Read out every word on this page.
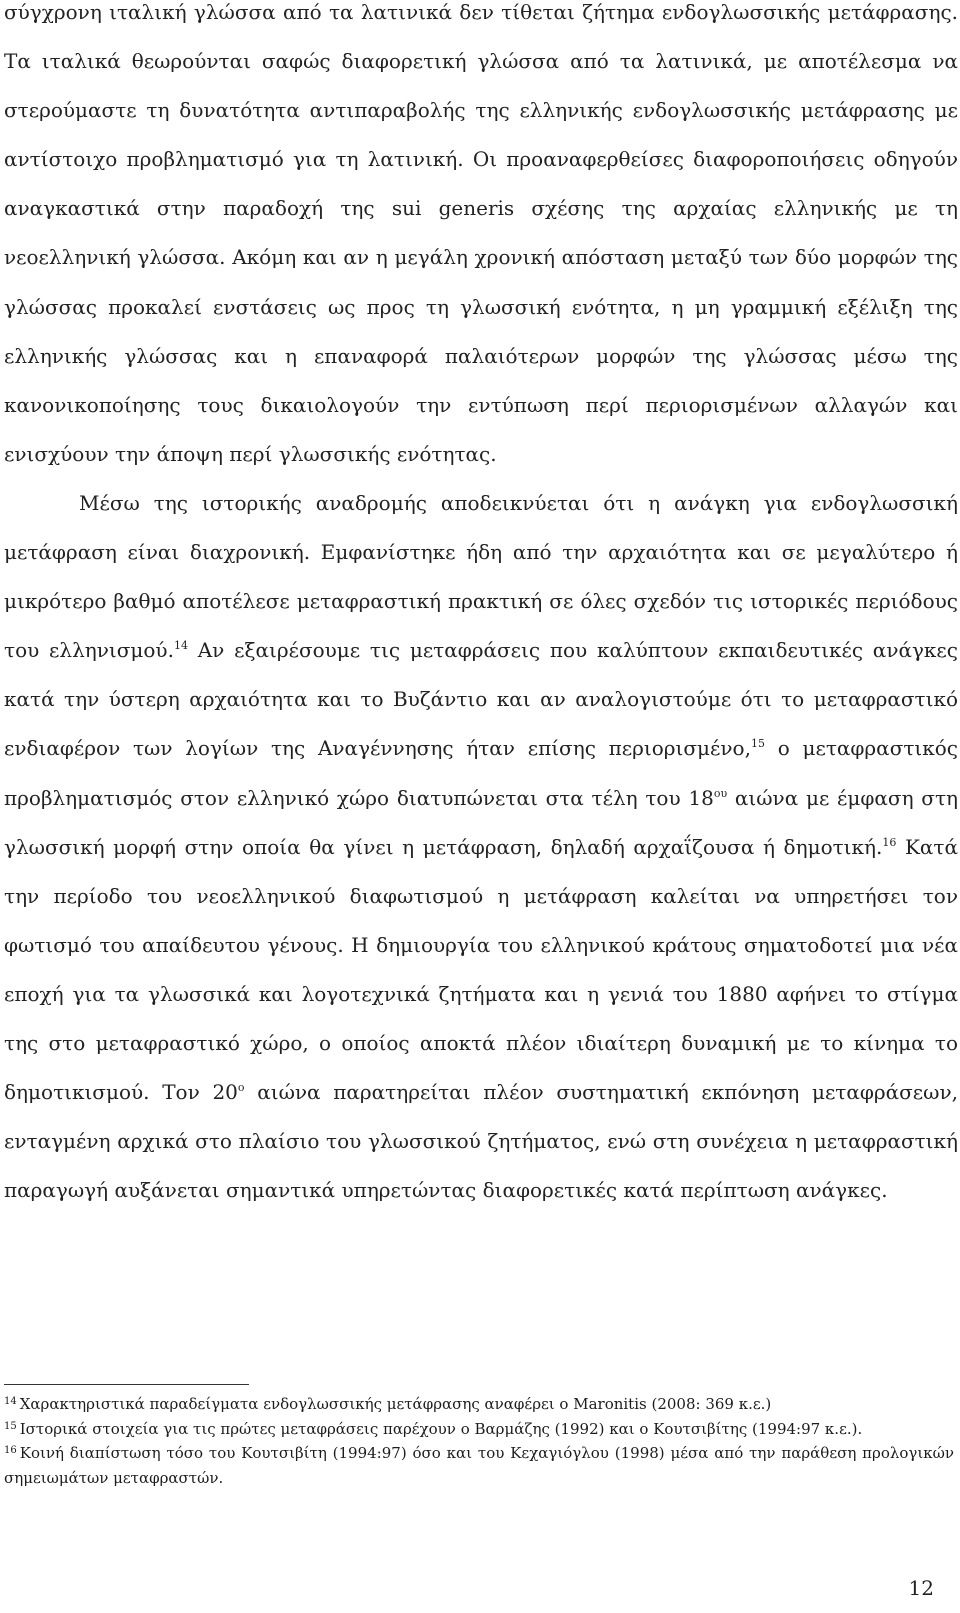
σύγχρονη ιταλική γλώσσα από τα λατινικά δεν τίθεται ζήτημα ενδογλωσσικής μετάφρασης. Τα ιταλικά θεωρούνται σαφώς διαφορετική γλώσσα από τα λατινικά, με αποτέλεσμα να στερούμαστε τη δυνατότητα αντιπαραβολής της ελληνικής ενδογλωσσικής μετάφρασης με αντίστοιχο προβληματισμό για τη λατινική. Οι προαναφερθείσες διαφοροποιήσεις οδηγούν αναγκαστικά στην παραδοχή της sui generis σχέσης της αρχαίας ελληνικής με τη νεοελληνική γλώσσα. Ακόμη και αν η μεγάλη χρονική απόσταση μεταξύ των δύο μορφών της γλώσσας προκαλεί ενστάσεις ως προς τη γλωσσική ενότητα, η μη γραμμική εξέλιξη της ελληνικής γλώσσας και η επαναφορά παλαιότερων μορφών της γλώσσας μέσω της κανονικοποίησης τους δικαιολογούν την εντύπωση περί περιορισμένων αλλαγών και ενισχύουν την άποψη περί γλωσσικής ενότητας.

Μέσω της ιστορικής αναδρομής αποδεικνύεται ότι η ανάγκη για ενδογλωσσική μετάφραση είναι διαχρονική. Εμφανίστηκε ήδη από την αρχαιότητα και σε μεγαλύτερο ή μικρότερο βαθμό αποτέλεσε μεταφραστική πρακτική σε όλες σχεδόν τις ιστορικές περιόδους του ελληνισμού.$^{14}$ Αν εξαιρέσουμε τις μεταφράσεις που καλύπτουν εκπαιδευτικές ανάγκες κατά την ύστερη αρχαιότητα και το Βυζάντιο και αν αναλογιστούμε ότι το μεταφραστικό ενδιαφέρον των λογίων της Αναγέννησης ήταν επίσης περιορισμένο,$^{15}$ ο μεταφραστικός προβληματισμός στον ελληνικό χώρο διατυπώνεται στα τέλη του $18^{o\upsilon}$ αιώνα με έμφαση στη γλωσσική μορφή στην οποία θα γίνει η μετάφραση, δηλαδή αρχαΐζουσα ή δημοτική.$^{16}$ Κατά την περίοδο του νεοελληνικού διαφωτισμού η μετάφραση καλείται να υπηρετήσει τον φωτισμό του απαίδευτου γένους. Η δημιουργία του ελληνικού κράτους σηματοδοτεί μια νέα εποχή για τα γλωσσικά και λογοτεχνικά ζητήματα και η γενιά του 1880 αφήνει το στίγμα της στο μεταφραστικό χώρο, ο οποίος αποκτά πλέον ιδιαίτερη δυναμική με το κίνημα το δημοτικισμού. Τον $20^o$ αιώνα παρατηρείται πλέον συστηματική εκπόνηση μεταφράσεων, ενταγμένη αρχικά στο πλαίσιο του γλωσσικού ζητήματος, ενώ στη συνέχεια η μεταφραστική παραγωγή αυξάνεται σημαντικά υπηρετώντας διαφορετικές κατά περίπτωση ανάγκες.

$^{14}$ Χαρακτηριστικά παραδείγματα ενδογλωσσικής μετάφρασης αναφέρει ο Maronitis (2008: 369 κ.ε.)

$^{15}$ Ιστορικά στοιχεία για τις πρώτες μεταφράσεις παρέχουν ο Βαρμάζης (1992) και ο Κουτσιβίτης (1994:97 κ.ε.).

$^{16}$ Κοινή διαπίστωση τόσο του Κουτσιβίτη (1994:97) όσο και του Κεχαγιόγλου (1998) μέσα από την παράθεση προλογικών σημειωμάτων μεταφραστών.

12
